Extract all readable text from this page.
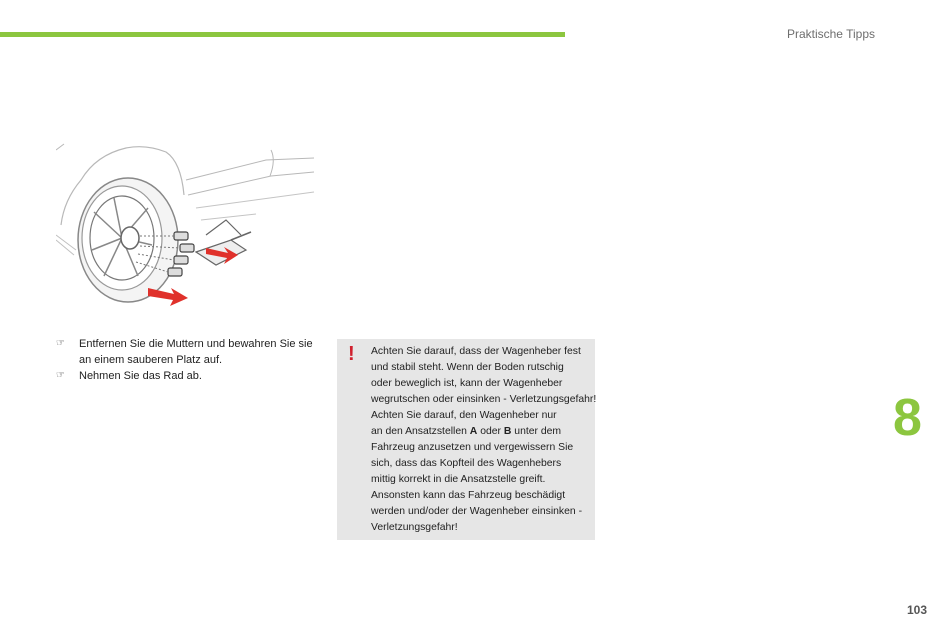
Praktische Tipps
☞	Entfernen Sie die Muttern und bewahren Sie sie
an einem sauberen Platz auf.
☞	Nehmen Sie das Rad ab.
! Achten Sie darauf, dass der Wagenheber fest
und stabil steht. Wenn der Boden rutschig
oder beweglich ist, kann der Wagenheber
wegrutschen oder einsinken - Verletzungsgefahr!
Achten Sie darauf, den Wagenheber nur
an den Ansatzstellen A oder B unter dem
Fahrzeug anzusetzen und vergewissern Sie
sich, dass das Kopfteil des Wagenhebers
mittig korrekt in die Ansatzstelle greift.
Ansonsten kann das Fahrzeug beschädigt
werden und/oder der Wagenheber einsinken -
Verletzungsgefahr!
8
103
